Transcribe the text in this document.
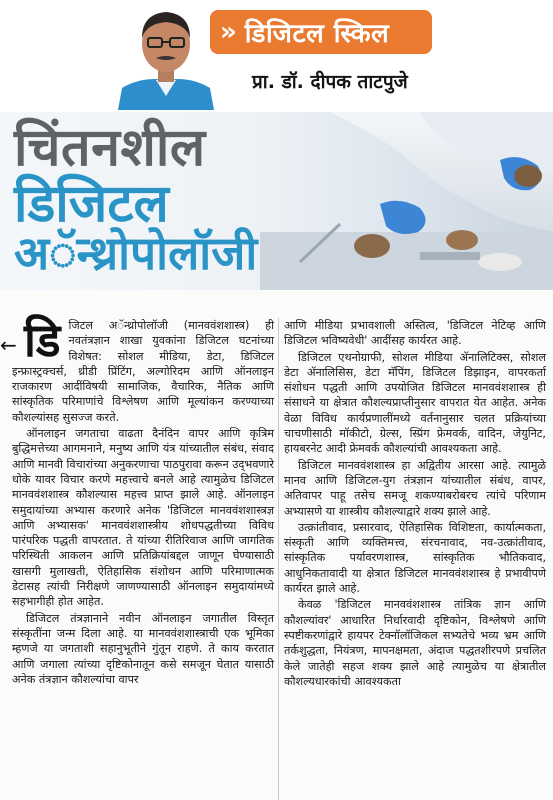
» डिजिटल स्किल
प्रा. डॉ. दीपक ताटपुजे
चिंतनशील
डिजिटल
अॅन्थ्रोपोलॉजी
← डिजिटल अॅन्थ्रोपोलॉजी (मानववंशशास्त्र) ही नवतंत्रज्ञान शाखा युवकांना डिजिटल घटनांच्या विशेषत: सोशल मीडिया, डेटा, डिजिटल इन्फ्रास्ट्रक्चर्स, थ्रीडी प्रिंटिंग, अल्गोरिदम आणि ऑनलाइन राजकारण आदींविषयी सामाजिक, वैचारिक, नैतिक आणि सांस्कृतिक परिमाणांचे विश्लेषण आणि मूल्यांकन करण्याच्या कौशल्यांसह सुसज्ज करते.

ऑनलाइन जगताचा वाढता दैनंदिन वापर आणि कृत्रिम बुद्धिमत्तेच्या आगमनाने, मनुष्य आणि यंत्र यांच्यातील संबंध, संवाद आणि मानवी विचारांच्या अनुकरणाचा पाठपुरावा करून उद्‌भवणारे धोके यावर विचार करणे महत्त्वाचे बनले आहे त्यामुळेच डिजिटल मानववंशशास्त्र कौशल्यास महत्त्व प्राप्त झाले आहे. ऑनलाइन समुदायांच्या अभ्यास करणारे अनेक 'डिजिटल मानववंशशास्त्रज्ञ आणि अभ्यासक' मानववंशशास्त्रीय शोधपद्धतीच्या विविध पारंपरिक पद्धती वापरतात. ते यांच्या रीतिरिवाज आणि जागतिक परिस्थिती आकलन आणि प्रतिक्रियांबद्दल जाणून घेण्यासाठी खासगी मुलाखती, ऐतिहासिक संशोधन आणि परिमाणात्मक डेटासह त्यांची निरीक्षणे जाणण्यासाठी ऑनलाइन समुदायांमध्ये सहभागीही होत आहेत.

डिजिटल तंत्रज्ञानाने नवीन ऑनलाइन जगातील विस्तृत संस्कृतींना जन्म दिला आहे. या मानववंशशास्त्राची एक भूमिका म्हणजे या जगताशी सहानुभूतीने गुंतून राहणे. ते काय करतात आणि जगाला त्यांच्या दृष्टिकोनातून कसे समजून घेतात यासाठी अनेक तंत्रज्ञान कौशल्यांचा वापर

आणि मीडिया प्रभावशाली अस्तित्व, 'डिजिटल नेटिव्ह आणि डिजिटल भविष्यवेधी' आदींसह कार्यरत आहे.

डिजिटल एथनोग्राफी, सोशल मीडिया ॲनालिटिक्स, सोशल डेटा ॲनालिसिस, डेटा मॅपिंग, डिजिटल डिझाइन, वापरकर्ता संशोधन पद्धती आणि उपयोजित डिजिटल मानववंशशास्त्र ही संसाधने या क्षेत्रात कौशल्यप्राप्तीनुसार वापरात येत आहेत. अनेक वेळा विविध कार्यप्रणालींमध्ये वर्तनानुसार चलत प्रक्रियांच्या चाचणीसाठी मॉकीटो, ग्रेल्स, स्प्रिंग फ्रेमवर्क, वादिन, जेयुनिट, हायबरनेट आदी फ्रेमवर्क कौशल्यांची आवश्यकता आहे.

डिजिटल मानववंशशास्त्र हा अद्वितीय आरसा आहे. त्यामुळे मानव आणि डिजिटल-युग तंत्रज्ञान यांच्यातील संबंध, वापर, अतिवापर पाहू तसेच समजू शकण्याबरोबरच त्यांचे परिणाम अभ्यासणे या शास्त्रीय कौशल्याद्वारे शक्य झाले आहे.

उत्क्रांतीवाद, प्रसारवाद, ऐतिहासिक विशिष्टता, कार्यात्मकता, संस्कृती आणि व्यक्तिमत्त्व, संरचनावाद, नव-उत्क्रांतीवाद, सांस्कृतिक पर्यावरणशास्त्र, सांस्कृतिक भौतिकवाद, आधुनिकतावादी या क्षेत्रात डिजिटल मानववंशशास्त्र हे प्रभावीपणे कार्यरत झाले आहे.

केवळ 'डिजिटल मानववंशशास्त्र तांत्रिक ज्ञान आणि कौशल्यांवर' आधारित निर्धारवादी दृष्टिकोन, विश्लेषणे आणि स्पष्टीकरणांद्वारे हायपर टेक्नॉलॉजिकल सभ्यतेचे भव्य भ्रम आणि तर्कशुद्धता, नियंत्रण, मापनक्षमता, अंदाज पद्धतशीरपणे प्रचलित केले जातेही सहज शक्य झाले आहे त्यामुळेच या क्षेत्रातील कौशल्यधारकांची आवश्यकता
